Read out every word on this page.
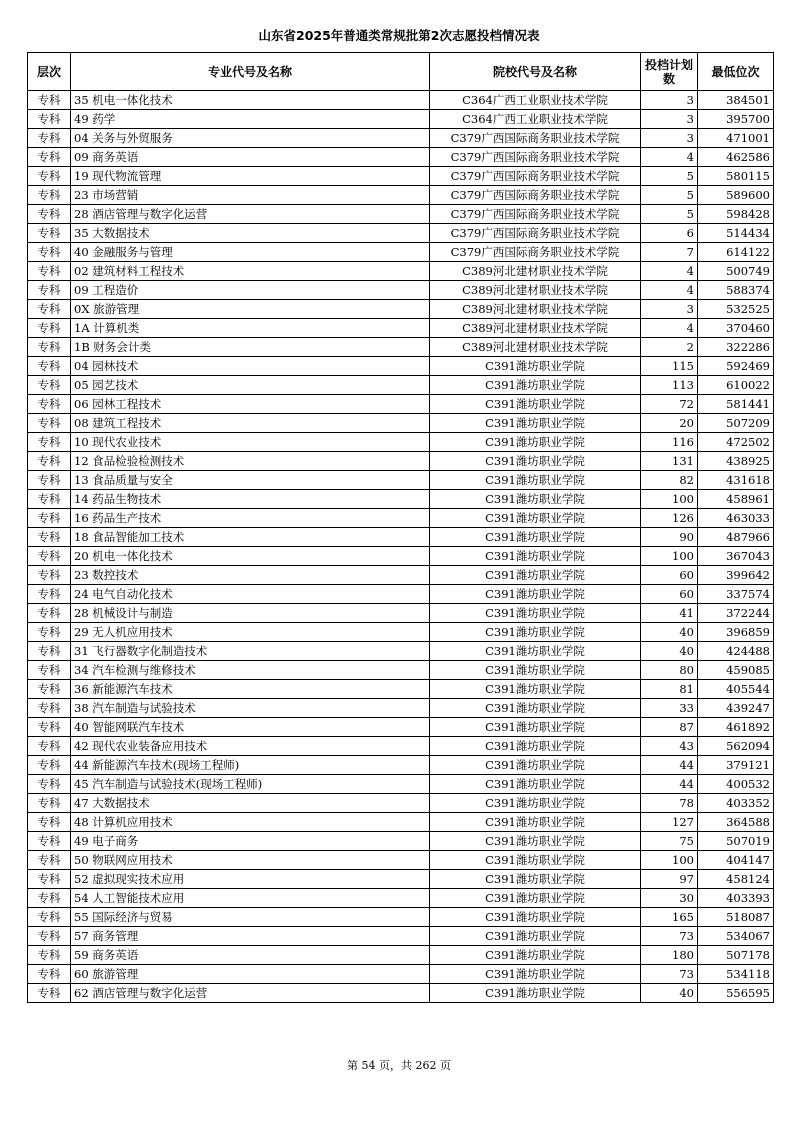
山东省2025年普通类常规批第2次志愿投档情况表
层次	专业代号及名称	院校代号及名称	投档计划数	最低位次
专科	35 机电一体化技术	C364广西工业职业技术学院	3	384501
专科	49 药学	C364广西工业职业技术学院	3	395700
专科	04 关务与外贸服务	C379广西国际商务职业技术学院	3	471001
专科	09 商务英语	C379广西国际商务职业技术学院	4	462586
专科	19 现代物流管理	C379广西国际商务职业技术学院	5	580115
专科	23 市场营销	C379广西国际商务职业技术学院	5	589600
专科	28 酒店管理与数字化运营	C379广西国际商务职业技术学院	5	598428
专科	35 大数据技术	C379广西国际商务职业技术学院	6	514434
专科	40 金融服务与管理	C379广西国际商务职业技术学院	7	614122
专科	02 建筑材料工程技术	C389河北建材职业技术学院	4	500749
专科	09 工程造价	C389河北建材职业技术学院	4	588374
专科	0X 旅游管理	C389河北建材职业技术学院	3	532525
专科	1A 计算机类	C389河北建材职业技术学院	4	370460
专科	1B 财务会计类	C389河北建材职业技术学院	2	322286
专科	04 园林技术	C391潍坊职业学院	115	592469
专科	05 园艺技术	C391潍坊职业学院	113	610022
专科	06 园林工程技术	C391潍坊职业学院	72	581441
专科	08 建筑工程技术	C391潍坊职业学院	20	507209
专科	10 现代农业技术	C391潍坊职业学院	116	472502
专科	12 食品检验检测技术	C391潍坊职业学院	131	438925
专科	13 食品质量与安全	C391潍坊职业学院	82	431618
专科	14 药品生物技术	C391潍坊职业学院	100	458961
专科	16 药品生产技术	C391潍坊职业学院	126	463033
专科	18 食品智能加工技术	C391潍坊职业学院	90	487966
专科	20 机电一体化技术	C391潍坊职业学院	100	367043
专科	23 数控技术	C391潍坊职业学院	60	399642
专科	24 电气自动化技术	C391潍坊职业学院	60	337574
专科	28 机械设计与制造	C391潍坊职业学院	41	372244
专科	29 无人机应用技术	C391潍坊职业学院	40	396859
专科	31 飞行器数字化制造技术	C391潍坊职业学院	40	424488
专科	34 汽车检测与维修技术	C391潍坊职业学院	80	459085
专科	36 新能源汽车技术	C391潍坊职业学院	81	405544
专科	38 汽车制造与试验技术	C391潍坊职业学院	33	439247
专科	40 智能网联汽车技术	C391潍坊职业学院	87	461892
专科	42 现代农业装备应用技术	C391潍坊职业学院	43	562094
专科	44 新能源汽车技术(现场工程师)	C391潍坊职业学院	44	379121
专科	45 汽车制造与试验技术(现场工程师)	C391潍坊职业学院	44	400532
专科	47 大数据技术	C391潍坊职业学院	78	403352
专科	48 计算机应用技术	C391潍坊职业学院	127	364588
专科	49 电子商务	C391潍坊职业学院	75	507019
专科	50 物联网应用技术	C391潍坊职业学院	100	404147
专科	52 虚拟现实技术应用	C391潍坊职业学院	97	458124
专科	54 人工智能技术应用	C391潍坊职业学院	30	403393
专科	55 国际经济与贸易	C391潍坊职业学院	165	518087
专科	57 商务管理	C391潍坊职业学院	73	534067
专科	59 商务英语	C391潍坊职业学院	180	507178
专科	60 旅游管理	C391潍坊职业学院	73	534118
专科	62 酒店管理与数字化运营	C391潍坊职业学院	40	556595
第 54 页，共 262 页
